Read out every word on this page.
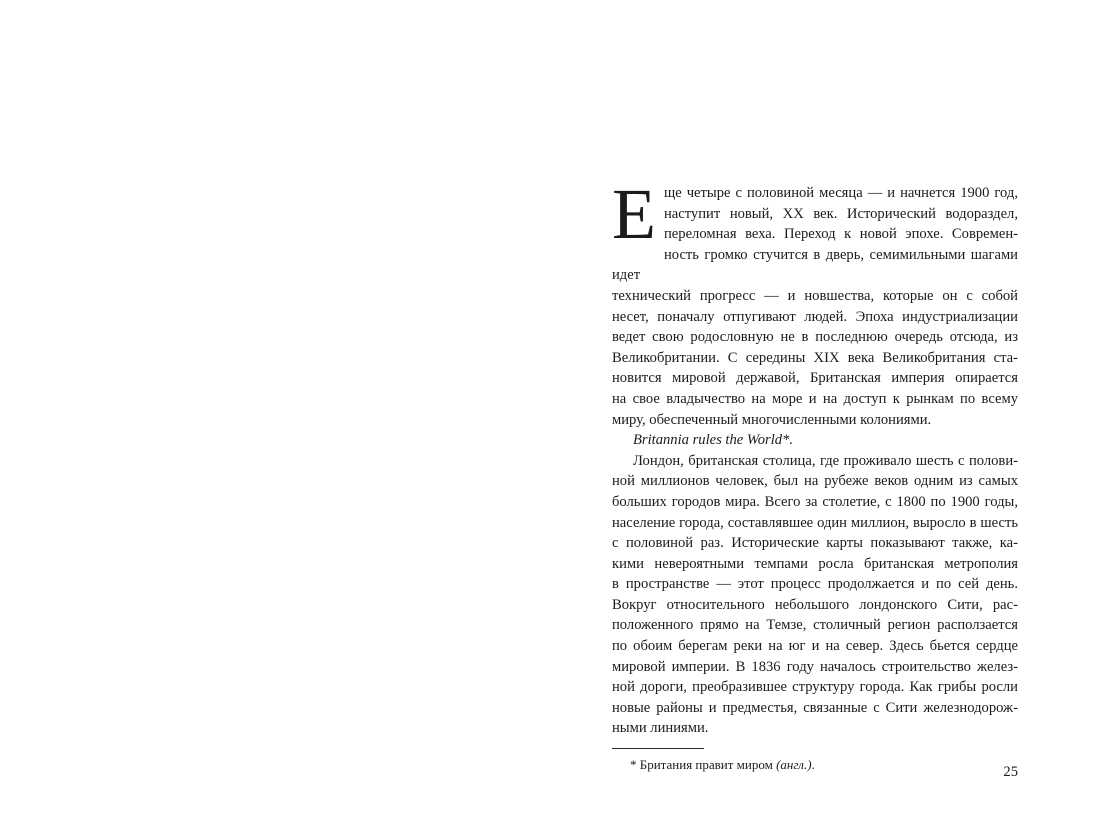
Е ще четыре с половиной месяца — и начнется 1900 год,
наступит новый, XX век. Исторический водораздел,
переломная веха. Переход к новой эпохе. Современ-
ность громко стучится в дверь, семимильными шагами идет
технический прогресс — и новшества, которые он с собой
несет, поначалу отпугивают людей. Эпоха индустриализации
ведет свою родословную не в последнюю очередь отсюда, из
Великобритании. С середины XIX века Великобритания ста-
новится мировой державой, Британская империя опирается
на свое владычество на море и на доступ к рынкам по всему
миру, обеспеченный многочисленными колониями.
Britannia rules the World*.
Лондон, британская столица, где проживало шесть с полови-
ной миллионов человек, был на рубеже веков одним из самых
больших городов мира. Всего за столетие, с 1800 по 1900 годы,
население города, составлявшее один миллион, выросло в шесть
с половиной раз. Исторические карты показывают также, ка-
кими невероятными темпами росла британская метрополия
в пространстве — этот процесс продолжается и по сей день.
Вокруг относительного небольшого лондонского Сити, рас-
положенного прямо на Темзе, столичный регион расползается
по обоим берегам реки на юг и на север. Здесь бьется сердце
мировой империи. В 1836 году началось строительство желез-
ной дороги, преобразившее структуру города. Как грибы росли
новые районы и предместья, связанные с Сити железнодорож-
ными линиями.
* Британия правит миром (англ.).	25
